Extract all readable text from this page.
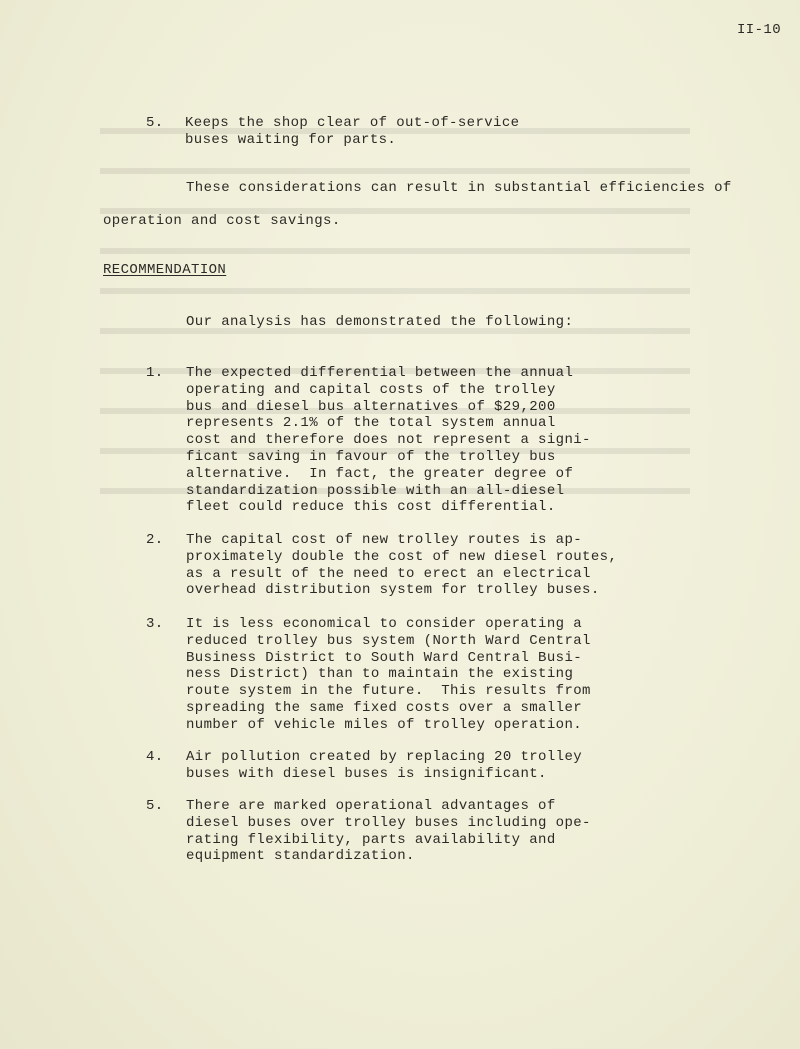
II-10
5. Keeps the shop clear of out-of-service
buses waiting for parts.
These considerations can result in substantial efficiencies of
operation and cost savings.
RECOMMENDATION
Our analysis has demonstrated the following:
1. The expected differential between the annual
operating and capital costs of the trolley
bus and diesel bus alternatives of $29,200
represents 2.1% of the total system annual
cost and therefore does not represent a signi-
ficant saving in favour of the trolley bus
alternative.  In fact, the greater degree of
standardization possible with an all-diesel
fleet could reduce this cost differential.
2. The capital cost of new trolley routes is ap-
proximately double the cost of new diesel routes,
as a result of the need to erect an electrical
overhead distribution system for trolley buses.
3. It is less economical to consider operating a
reduced trolley bus system (North Ward Central
Business District to South Ward Central Busi-
ness District) than to maintain the existing
route system in the future.  This results from
spreading the same fixed costs over a smaller
number of vehicle miles of trolley operation.
4. Air pollution created by replacing 20 trolley
buses with diesel buses is insignificant.
5. There are marked operational advantages of
diesel buses over trolley buses including ope-
rating flexibility, parts availability and
equipment standardization.
